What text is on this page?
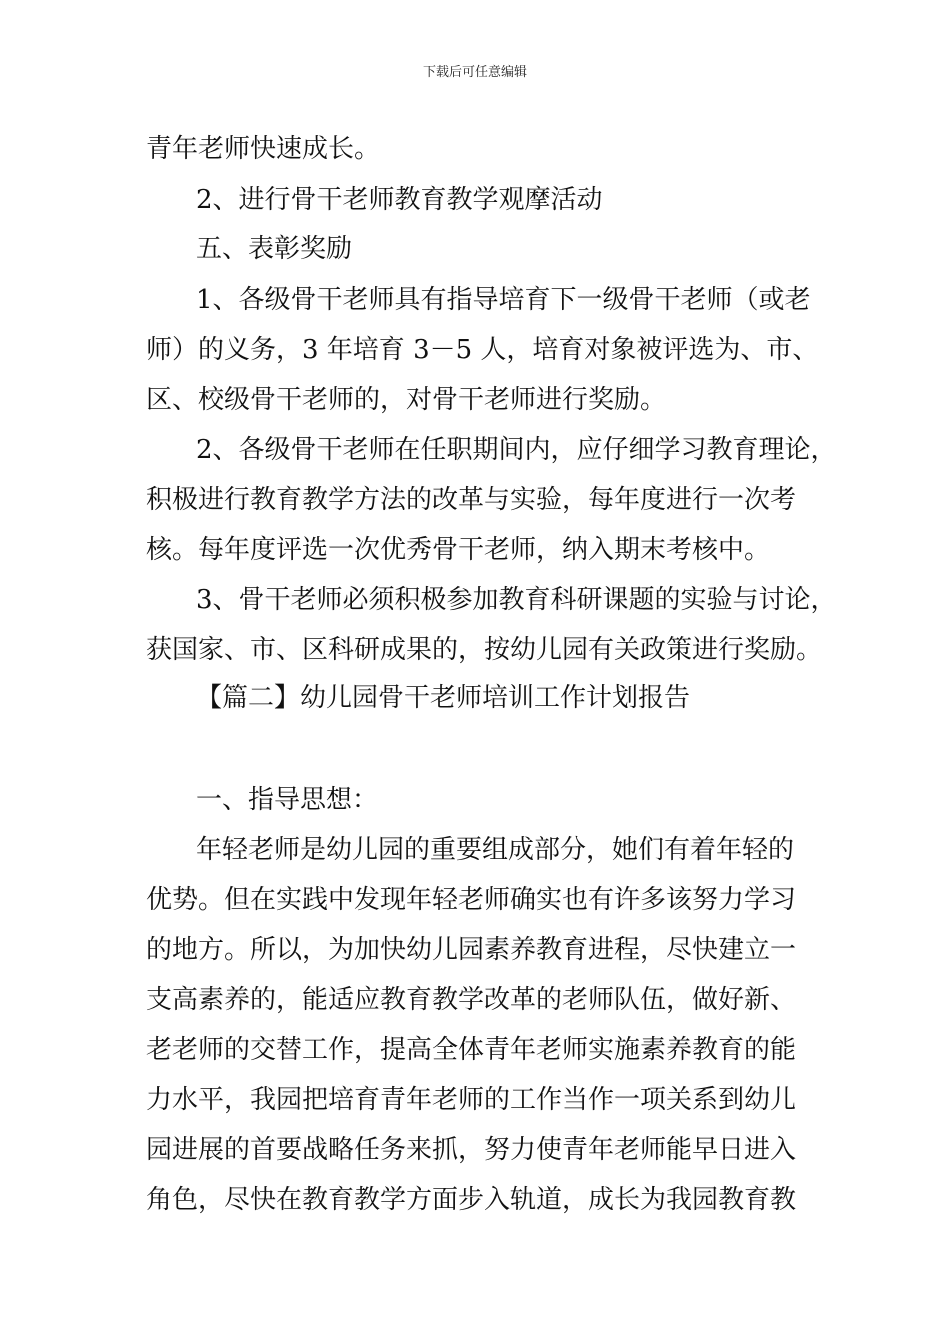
下载后可任意编辑
青年老师快速成长。
2、进行骨干老师教育教学观摩活动
五、表彰奖励
1、各级骨干老师具有指导培育下一级骨干老师（或老
师）的义务，3 年培育 3－5 人，培育对象被评选为、市、
区、校级骨干老师的，对骨干老师进行奖励。
2、各级骨干老师在任职期间内，应仔细学习教育理论，
积极进行教育教学方法的改革与实验，每年度进行一次考
核。每年度评选一次优秀骨干老师，纳入期末考核中。
3、骨干老师必须积极参加教育科研课题的实验与讨论，
获国家、市、区科研成果的，按幼儿园有关政策进行奖励。
【篇二】幼儿园骨干老师培训工作计划报告
一、指导思想：
年轻老师是幼儿园的重要组成部分，她们有着年轻的
优势。但在实践中发现年轻老师确实也有许多该努力学习
的地方。所以，为加快幼儿园素养教育进程，尽快建立一
支高素养的，能适应教育教学改革的老师队伍，做好新、
老老师的交替工作，提高全体青年老师实施素养教育的能
力水平，我园把培育青年老师的工作当作一项关系到幼儿
园进展的首要战略任务来抓，努力使青年老师能早日进入
角色，尽快在教育教学方面步入轨道，成长为我园教育教
